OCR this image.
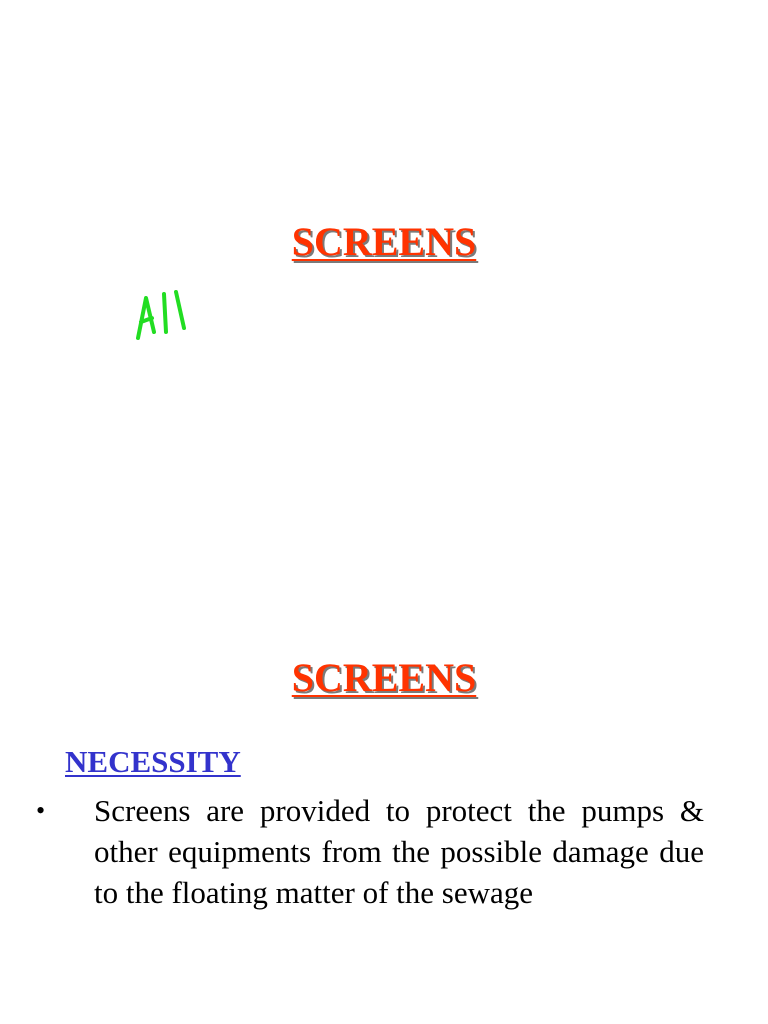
SCREENS
SCREENS
NECESSITY
• Screens are provided to protect the pumps & other equipments from the possible damage due to the floating matter of the sewage
